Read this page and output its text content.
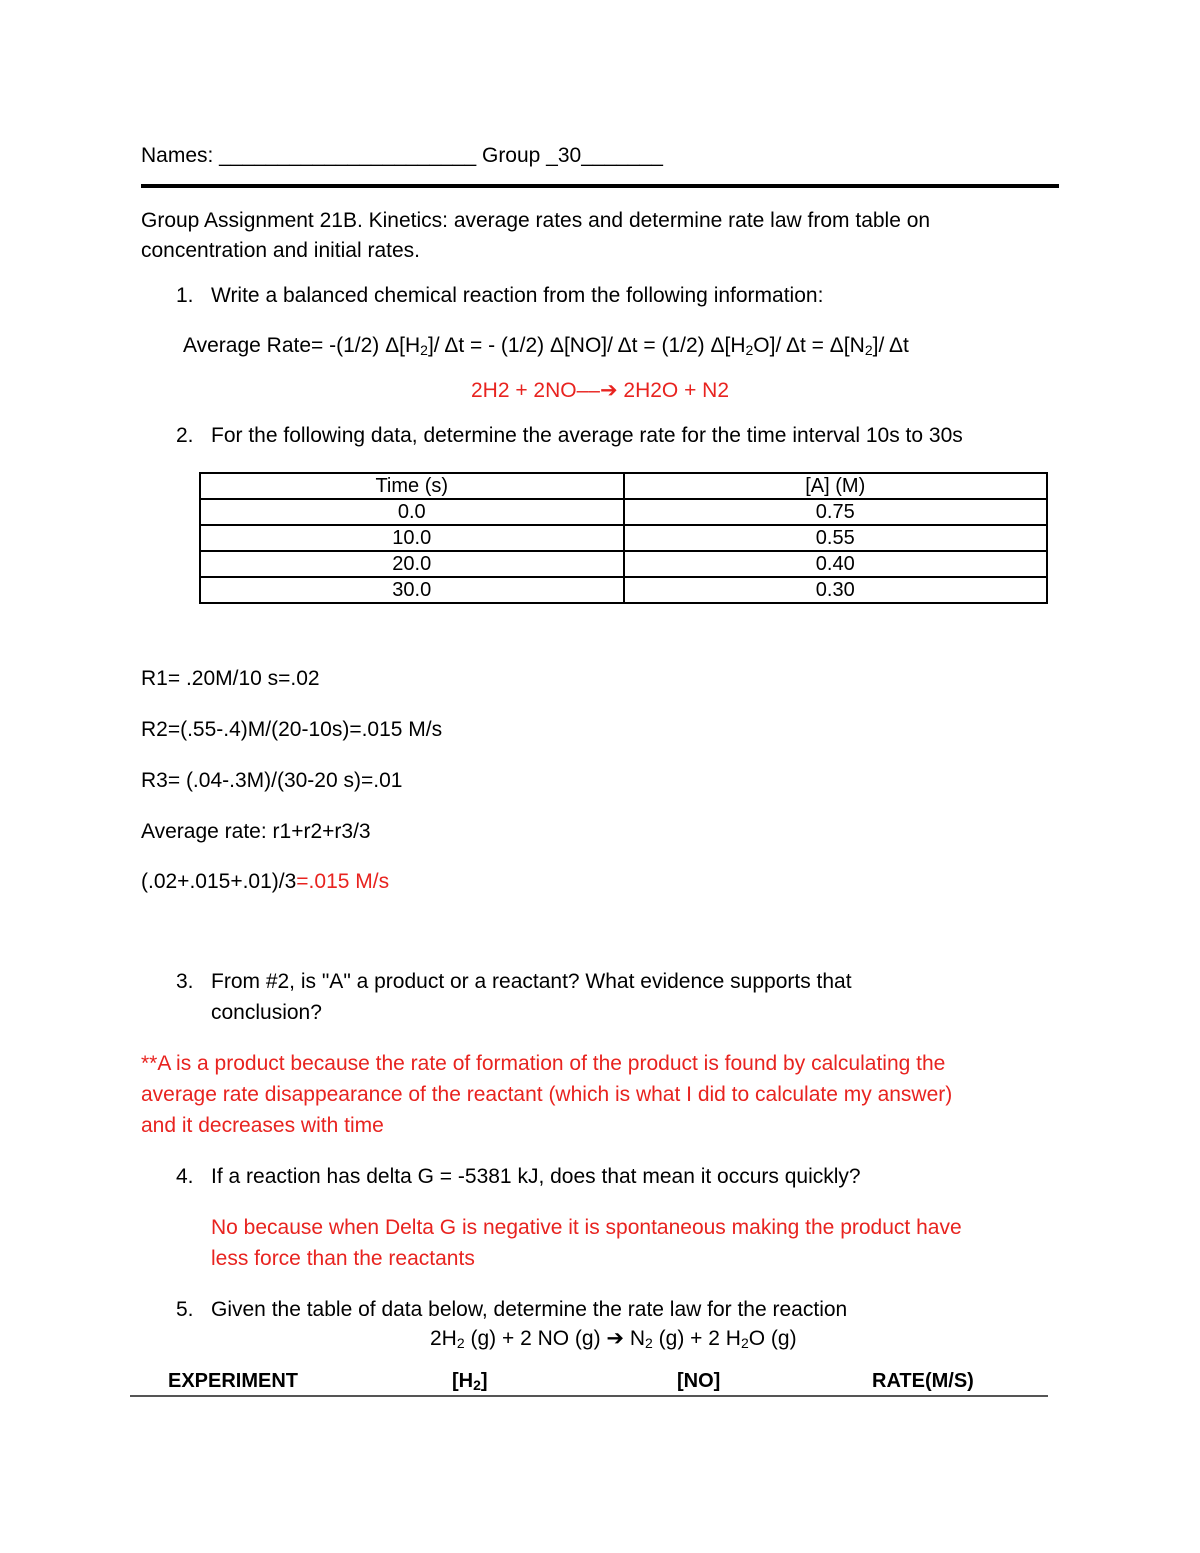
Names: ______________________ Group _30_______
Group Assignment 21B. Kinetics: average rates and determine rate law from table on
concentration and initial rates.
1. Write a balanced chemical reaction from the following information:
Average Rate= -(1/2) $\Delta[H_2]/$ Δt = - (1/2) Δ[NO]/ Δt = (1/2) $\Delta[H_2O]/$ $\Delta t = \Delta[N_2]/$ Δt
2H2 + 2NO––➔ 2H2O + N2
2. For the following data, determine the average rate for the time interval 10s to 30s
Time (s)	[A] (M)
0.0	0.75
10.0	0.55
20.0	0.40
30.0	0.30
R1= .20M/10 s=.02
R2=(.55-.4)M/(20-10s)=.015 M/s
R3= (.04-.3M)/(30-20 s)=.01
Average rate: r1+r2+r3/3
(.02+.015+.01)/3=.015 M/s
3. From #2, is "A" a product or a reactant? What evidence supports that
conclusion?
**A is a product because the rate of formation of the product is found by calculating the
average rate disappearance of the reactant (which is what I did to calculate my answer)
and it decreases with time
4. If a reaction has delta G = -5381 kJ, does that mean it occurs quickly?
No because when Delta G is negative it is spontaneous making the product have
less force than the reactants
5. Given the table of data below, determine the rate law for the reaction
$2H_2$ (g) + 2 NO (g) ➔ $N_2$ (g) + 2 $H_2O$ (g)
EXPERIMENT	$[H_2]$	[NO]	RATE(M/S)
